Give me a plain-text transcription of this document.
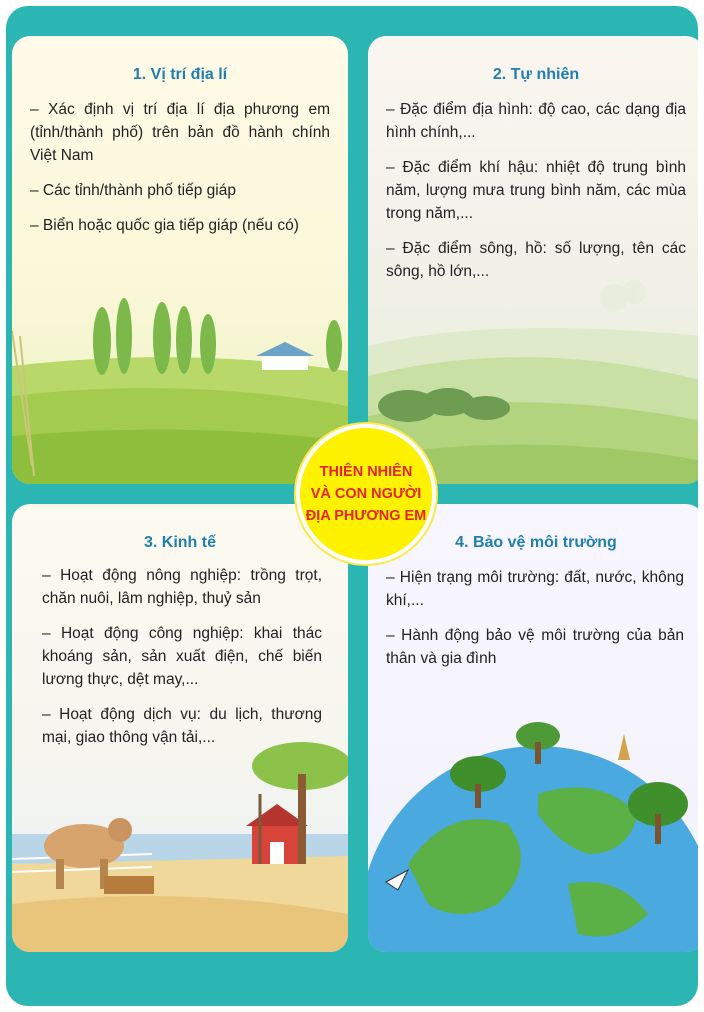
1. Vị trí địa lí
– Xác định vị trí địa lí địa phương em (tỉnh/thành phố) trên bản đồ hành chính Việt Nam
– Các tỉnh/thành phố tiếp giáp
– Biển hoặc quốc gia tiếp giáp (nếu có)
2. Tự nhiên
– Đặc điểm địa hình: độ cao, các dạng địa hình chính,...
– Đặc điểm khí hậu: nhiệt độ trung bình năm, lượng mưa trung bình năm, các mùa trong năm,...
– Đặc điểm sông, hồ: số lượng, tên các sông, hồ lớn,...
3. Kinh tế
– Hoạt động nông nghiệp: trồng trọt, chăn nuôi, lâm nghiệp, thuỷ sản
– Hoạt động công nghiệp: khai thác khoáng sản, sản xuất điện, chế biến lương thực, dệt may,...
– Hoạt động dịch vụ: du lịch, thương mại, giao thông vận tải,...
4. Bảo vệ môi trường
– Hiện trạng môi trường: đất, nước, không khí,...
– Hành động bảo vệ môi trường của bản thân và gia đình
THIÊN NHIÊN
VÀ CON NGƯỜI
ĐỊA PHƯƠNG EM
